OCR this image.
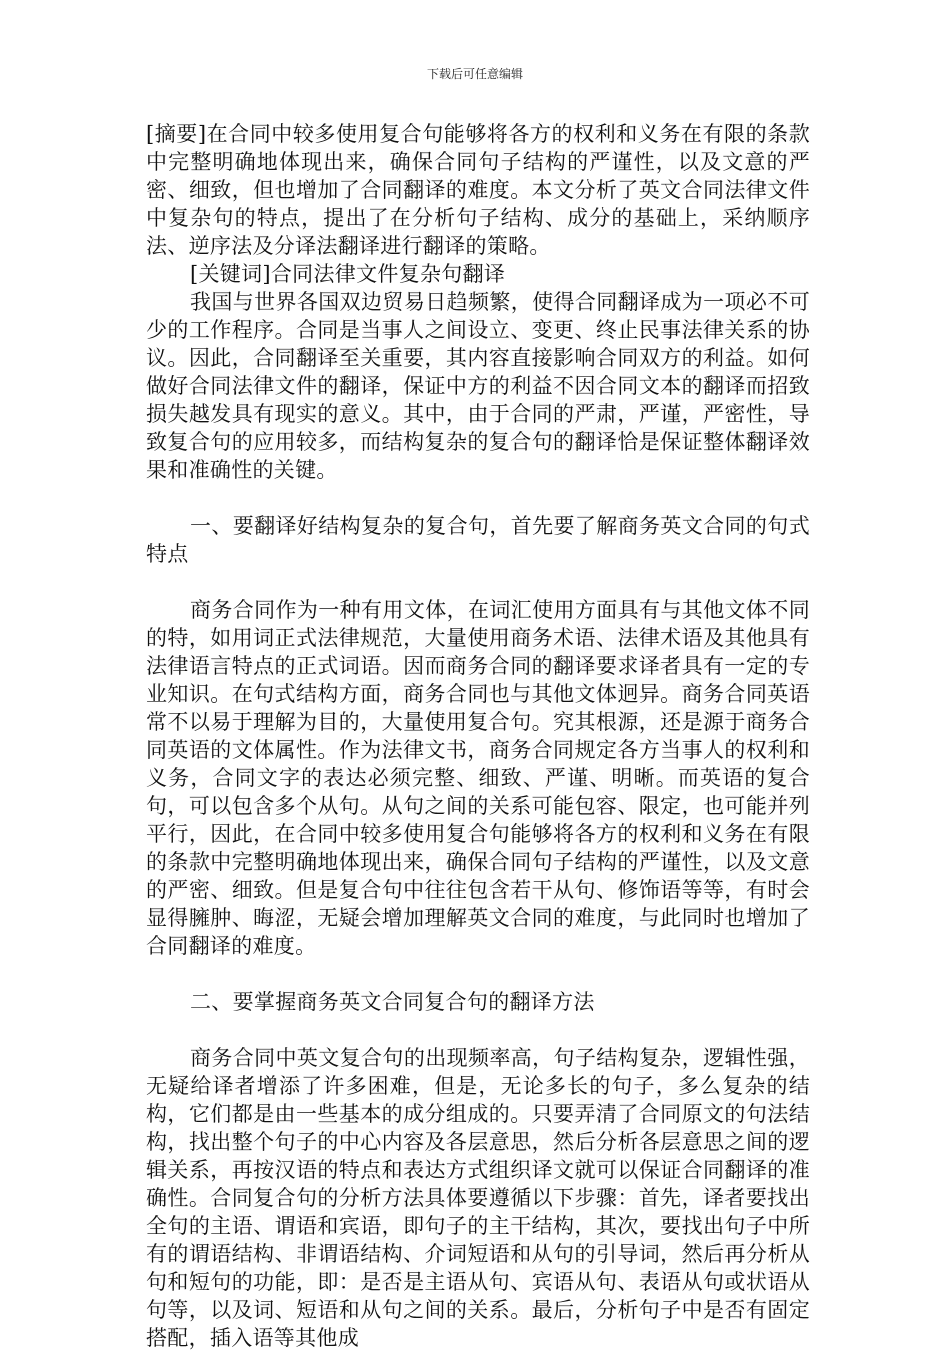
下载后可任意编辑

[摘要]在合同中较多使用复合句能够将各方的权利和义务在有限的条款中完整明确地体现出来，确保合同句子结构的严谨性，以及文意的严密、细致，但也增加了合同翻译的难度。本文分析了英文合同法律文件中复杂句的特点，提出了在分析句子结构、成分的基础上，采纳顺序法、逆序法及分译法翻译进行翻译的策略。

[关键词]合同法律文件复杂句翻译

我国与世界各国双边贸易日趋频繁，使得合同翻译成为一项必不可少的工作程序。合同是当事人之间设立、变更、终止民事法律关系的协议。因此，合同翻译至关重要，其内容直接影响合同双方的利益。如何做好合同法律文件的翻译，保证中方的利益不因合同文本的翻译而招致损失越发具有现实的意义。其中，由于合同的严肃，严谨，严密性，导致复合句的应用较多，而结构复杂的复合句的翻译恰是保证整体翻译效果和准确性的关键。

一、要翻译好结构复杂的复合句，首先要了解商务英文合同的句式特点

商务合同作为一种有用文体，在词汇使用方面具有与其他文体不同的特，如用词正式法律规范，大量使用商务术语、法律术语及其他具有法律语言特点的正式词语。因而商务合同的翻译要求译者具有一定的专业知识。在句式结构方面，商务合同也与其他文体迥异。商务合同英语常不以易于理解为目的，大量使用复合句。究其根源，还是源于商务合同英语的文体属性。作为法律文书，商务合同规定各方当事人的权利和义务，合同文字的表达必须完整、细致、严谨、明晰。而英语的复合句，可以包含多个从句。从句之间的关系可能包容、限定，也可能并列平行，因此，在合同中较多使用复合句能够将各方的权利和义务在有限的条款中完整明确地体现出来，确保合同句子结构的严谨性，以及文意的严密、细致。但是复合句中往往包含若干从句、修饰语等等，有时会显得臃肿、晦涩，无疑会增加理解英文合同的难度，与此同时也增加了合同翻译的难度。

二、要掌握商务英文合同复合句的翻译方法

商务合同中英文复合句的出现频率高，句子结构复杂，逻辑性强，无疑给译者增添了许多困难，但是，无论多长的句子，多么复杂的结构，它们都是由一些基本的成分组成的。只要弄清了合同原文的句法结构，找出整个句子的中心内容及各层意思，然后分析各层意思之间的逻辑关系，再按汉语的特点和表达方式组织译文就可以保证合同翻译的准确性。合同复合句的分析方法具体要遵循以下步骤：首先，译者要找出全句的主语、谓语和宾语，即句子的主干结构，其次，要找出句子中所有的谓语结构、非谓语结构、介词短语和从句的引导词，然后再分析从句和短句的功能，即：是否是主语从句、宾语从句、表语从句或状语从句等，以及词、短语和从句之间的关系。最后，分析句子中是否有固定搭配，插入语等其他成
